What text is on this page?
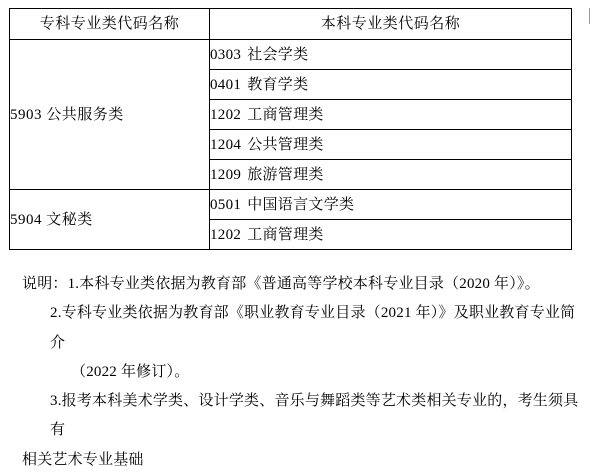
专科专业类代码名称	本科专业类代码名称
5903 公共服务类	0303 社会学类
	0401 教育学类
	1202 工商管理类
	1204 公共管理类
	1209 旅游管理类
5904 文秘类	0501 中国语言文学类
	1202 工商管理类
说明：1.本科专业类依据为教育部《普通高等学校本科专业目录（2020 年）》。
2.专科专业类依据为教育部《职业教育专业目录（2021 年）》及职业教育专业简  介
（2022 年修订）。
3.报考本科美术学类、设计学类、音乐与舞蹈类等艺术类相关专业的，考生须具  有
相关艺术专业基础
